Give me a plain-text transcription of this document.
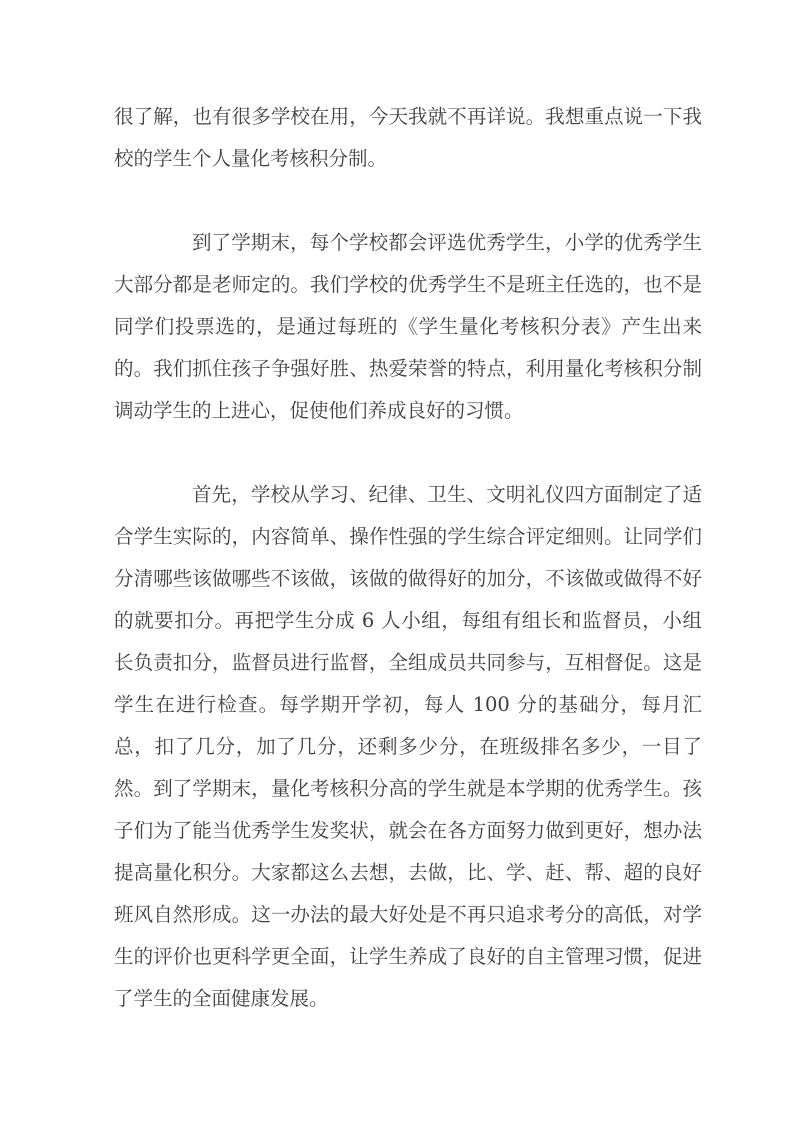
很了解，也有很多学校在用，今天我就不再详说。我想重点说一下我校的学生个人量化考核积分制。

到了学期末，每个学校都会评选优秀学生，小学的优秀学生大部分都是老师定的。我们学校的优秀学生不是班主任选的，也不是同学们投票选的，是通过每班的《学生量化考核积分表》产生出来的。我们抓住孩子争强好胜、热爱荣誉的特点，利用量化考核积分制调动学生的上进心，促使他们养成良好的习惯。

首先，学校从学习、纪律、卫生、文明礼仪四方面制定了适合学生实际的，内容简单、操作性强的学生综合评定细则。让同学们分清哪些该做哪些不该做，该做的做得好的加分，不该做或做得不好的就要扣分。再把学生分成 6 人小组，每组有组长和监督员，小组长负责扣分，监督员进行监督，全组成员共同参与，互相督促。这是学生在进行检查。每学期开学初，每人 100 分的基础分，每月汇总，扣了几分，加了几分，还剩多少分，在班级排名多少，一目了然。到了学期末，量化考核积分高的学生就是本学期的优秀学生。孩子们为了能当优秀学生发奖状，就会在各方面努力做到更好，想办法提高量化积分。大家都这么去想，去做，比、学、赶、帮、超的良好班风自然形成。这一办法的最大好处是不再只追求考分的高低，对学生的评价也更科学更全面，让学生养成了良好的自主管理习惯，促进了学生的全面健康发展。
